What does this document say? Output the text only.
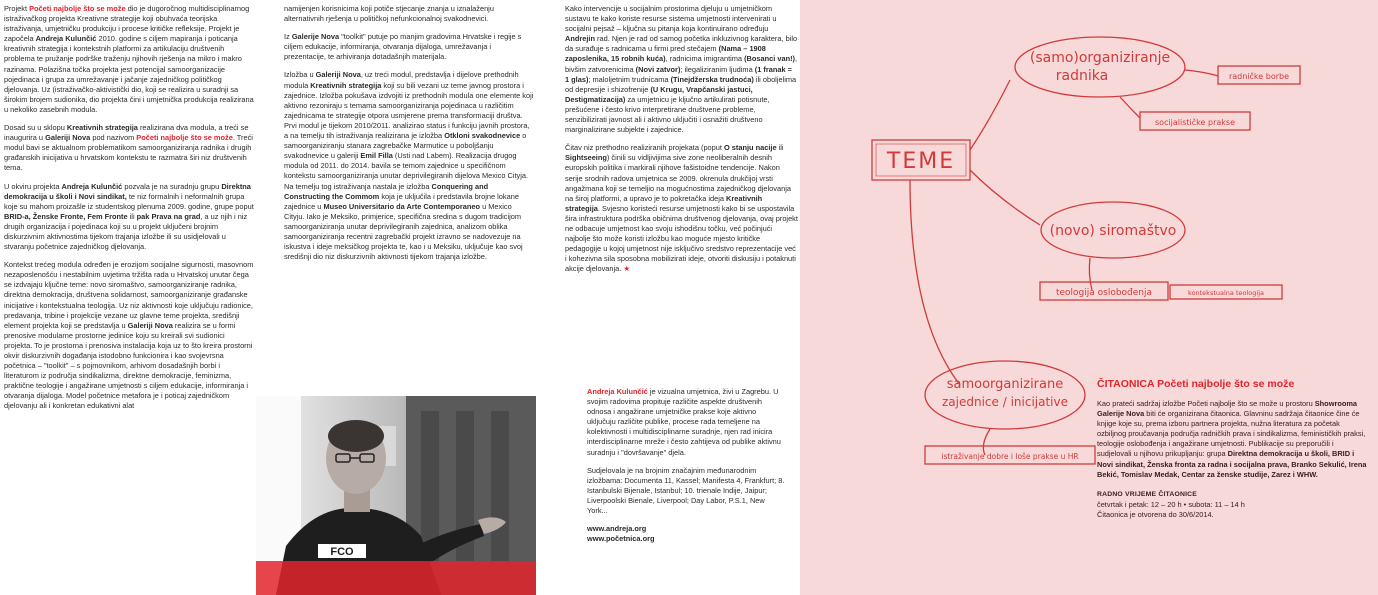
Projekt Početi najbolje što se može dio je dugoročnog multidisciplinarnog istraživačkog projekta Kreativne strategije koji obuhvaća teorijska istraživanja, umjetničku produkciju i procese kritičke refleksije. Projekt je započela Andreja Kulunčić 2010. godine s ciljem mapiranja i poticanja kreativnih strategija i kontekstnih platformi za artikulaciju društvenih problema te pružanje podrške traženju njihovih rješenja na mikro i makro razinama. Polazišna točka projekta jest potencijal samoorganizacije pojedinaca i grupa za umrežavanje i jačanje zajedničkog političkog djelovanja. Uz (istraživačko-aktivistički dio, koji se realizira u suradnji sa širokim brojem sudionika, dio projekta čini i umjetnička produkcija realizirana u nekoliko zasebnih modula.

Dosad su u sklopu Kreativnih strategija realizirana dva modula, a treći se inaugurira u Galeriji Nova pod nazivom Početi najbolje što se može. Treći modul bavi se aktualnom problematikom samoorganiziranja radnika i drugih građanskih inicijativa u hrvatskom kontekstu te razmatra širi niz društvenih tema.

U okviru projekta Andreja Kulunčić pozvala je na suradnju grupu Direktna demokracija u školi i Novi sindikat, te niz formalnih i neformalnih grupa koje su mahom proizašle iz studentskog plenuma 2009. godine, grupe poput BRID-a, Ženske Fronte, Fem Fronte ili pak Prava na grad, a uz njih i niz drugih organizacija i pojedinaca koji su u projekt uključeni brojnim diskurzivnim aktivnostima tijekom trajanja izložbe ili su usidjelovali u stvaranju početnice zajedničkog djelovanja.

Kontekst trećeg modula određen je erozijom socijalne sigurnosti, masovnom nezaposlenošću i nestabilnim uvjetima tržišta rada u Hrvatskoj unutar čega se izdvajaju ključne teme: novo siromaštvo, samoorganiziranje radnika, direktna demokracija, društvena solidarnost, samoorganiziranje građanske inicijative i kontekstualna teologija. Uz niz aktivnosti koje uključuju radionice, predavanja, tribine i projekcije vezane uz glavne teme projekta, središnji element projekta koji se predstavlja u Galeriji Nova realizira se u formi prenosive modularne prostorne jedinice koju su kreirali svi sudionici projekta. To je prostorna i prenosiva instalacija koja uz to što kreira prostorni okvir diskurzivnih događanja istodobno funkcionira i kao svojevrsna početnica – "toolkit" – s pojmovnikom, arhivom dosadašnjih borbi i literaturom iz područja sindikalizma, direktne demokracije, feminizma, praktične teologije i angažirane umjetnosti s ciljem edukacije, informiranja i otvaranja dijaloga. Model početnice metafora je i poticaj zajedničkom djelovanju ali i konkretan edukativni alat

namijenjen korisnicima koji potiče stjecanje znanja u iznalaženju alternativnih rješenja u političkoj nefunkcionalnoj svakodnevici.

Iz Galerije Nova "toolkit" putuje po manjim gradovima Hrvatske i regije s ciljem edukacije, informiranja, otvaranja dijaloga, umrežavanja i prezentacije, te arhiviranja dotadašnjih materijala.

Izložba u Galeriji Nova, uz treći modul, predstavlja i dijelove prethodnih modula Kreativnih strategija koji su bili vezani uz teme javnog prostora i zajednice. Izložba pokušava izdvojiti iz prethodnih modula one elemente koji aktivno rezoniraju s temama samoorganiziranja pojedinaca u različitim zajednicama te strategije otpora usmjerene prema transformaciji društva. Prvi modul je tijekom 2010/2011. analizirao status i funkciju javnih prostora, a na temelju tih istraživanja realizirana je izložba Otkloni svakodnevice o samoorganiziranju stanara zagrebačke Marmutice u poboljšanju svakodnevice u galeriji Emil Filla (Usti nad Labem). Realizacija drugog modula od 2011. do 2014. bavila se temom zajednice u specifičnom kontekstu samoorganiziranja unutar deprivilegiranih dijelova Mexico Cityja. Na temelju tog istraživanja nastala je izložba Conquering and Constructing the Commom koja je uključila i predstavila brojne lokane zajednice u Museo Universitario da Arte Contemporaneo u Mexico Cityju. Iako je Meksiko, primjerice, specifična sredina s dugom tradicijom samoorganiziranja unutar deprivilegiranih zajednica, analizom oblika samoorganiziranja recentni zagrebački projekt izravno se nadovezuje na iskustva i ideje meksičkog projekta te, kao i u Meksiku, uključuje kao svoj središnji dio niz diskurzivnih aktivnosti tijekom trajanja izložbe.

FCO

Kako intervencije u socijalnim prostorima djeluju u umjetničkom sustavu te kako koriste resurse sistema umjetnosti intervenirati u socijalni pejsaž – ključna su pitanja koja kontinuirano određuju Andrejin rad. Njen je rad od samog početka inkluzivnog karaktera, bilo da surađuje s radnicama u firmi pred stečajem (Nama – 1908 zaposlenika, 15 robnih kuća), radnicima imigrantima (Bosanci van!), bivšim zatvorenicima (Novi zatvor); ilegaliziranim ljudima (1 franak = 1 glas); maloljetnim trudnicama (Tinejdžerska trudnoća) ili oboljelima od depresije i shizofrenije (U Krugu, Vrapčanski jastuci, Destigmatizacija) za umjetnicu je ključno artikulirati potisnute, prešućene i često krivo interpretirane društvene probleme, senzibilizirati javnost ali i aktivno uključiti i osnažiti društveno marginalizirane subjekte i zajednice.

Čitav niz prethodno realiziranih projekata (poput O stanju nacije ili Sightseeing) činili su vidljivijima sive zone neoliberalnih desnih europskih politika i markirali njihove fašistoidne tendencije. Nakon serije srodnih radova umjetnica se 2009. okrenula drukčijoj vrsti angažmana koji se temeljio na mogućnostima zajedničkog djelovanja na široj platformi, a upravo je to pokretačka ideja Kreativnih strategija. Svjesno koristeći resurse umjetnosti kako bi se uspostavila šira infrastruktura podrška običnima društvenog djelovanja, ovaj projekt ne odbacuje umjetnost kao svoju ishodišnu točku, već počinjući najbolje što može koristi izložbu kao moguće mjesto kritičke pedagogije u kojoj umjetnost nije isključivo sredstvo reprezentacije već i kohezivna sila sposobna mobilizirati ideje, otvoriti diskusiju i potaknuti akcije djelovanja. ★

Andreja Kulunčić je vizualna umjetnica, živi u Zagrebu. U svojim radovima propituje različite aspekte društvenih odnosa i angažirane umjetničke prakse koje aktivno uključuju različite publike, procese rada temeljene na kolektivnosti i multidisciplinarne suradnje, njen rad inicira interdisciplinarne mreže i često zahtijeva od publike aktivnu suradnju i "dovršavanje" djela.

Sudjelovala je na brojnim značajnim međunarodnim izložbama: Documenta 11, Kassel; Manifesta 4, Frankfurt; 8. Istanbulski Bijenale, Istanbul; 10. trienale Indije, Jaipur; Liverpoolski Bienale, Liverpool; Day Labor, P.S.1, New York...

www.andreja.org
www.početnica.org

TEME
(samo)organiziranje
radnika	radničke borbe
socijalističke prakse
(novo) siromaštvo
teologija oslobođenja	kontekstualna teologija
samoorganizirane
zajednice / inicijative
istraživanje dobre i loše prakse u HR
ČITAONICA Početi najbolje što se može

Kao prateći sadržaj izložbe Početi najbolje što se može u prostoru Showrooma Galerije Nova biti će organizirana čitaonica. Glavninu sadržaja čitaonice čine će knjige koje su, prema izboru partnera projekta, nužna literatura za početak ozbiljnog proučavanja područja radničkih prava i sindikalizma, feminističkih praksi, teologije oslobođenja i angažirane umjetnosti. Publikacije su preporučili i sudjelovali u njihovu prikupljanju: grupa Direktna demokracija u školi, BRID i Novi sindikat, Ženska fronta za radna i socijalna prava, Branko Sekulić, Irena Bekić, Tomislav Medak, Centar za ženske studije, Zarez i WHW.

RADNO VRIJEME ČITAONICE
četvrtak i petak: 12 – 20 h • subota: 11 – 14 h
Čitaonica je otvorena do 30/6/2014.
